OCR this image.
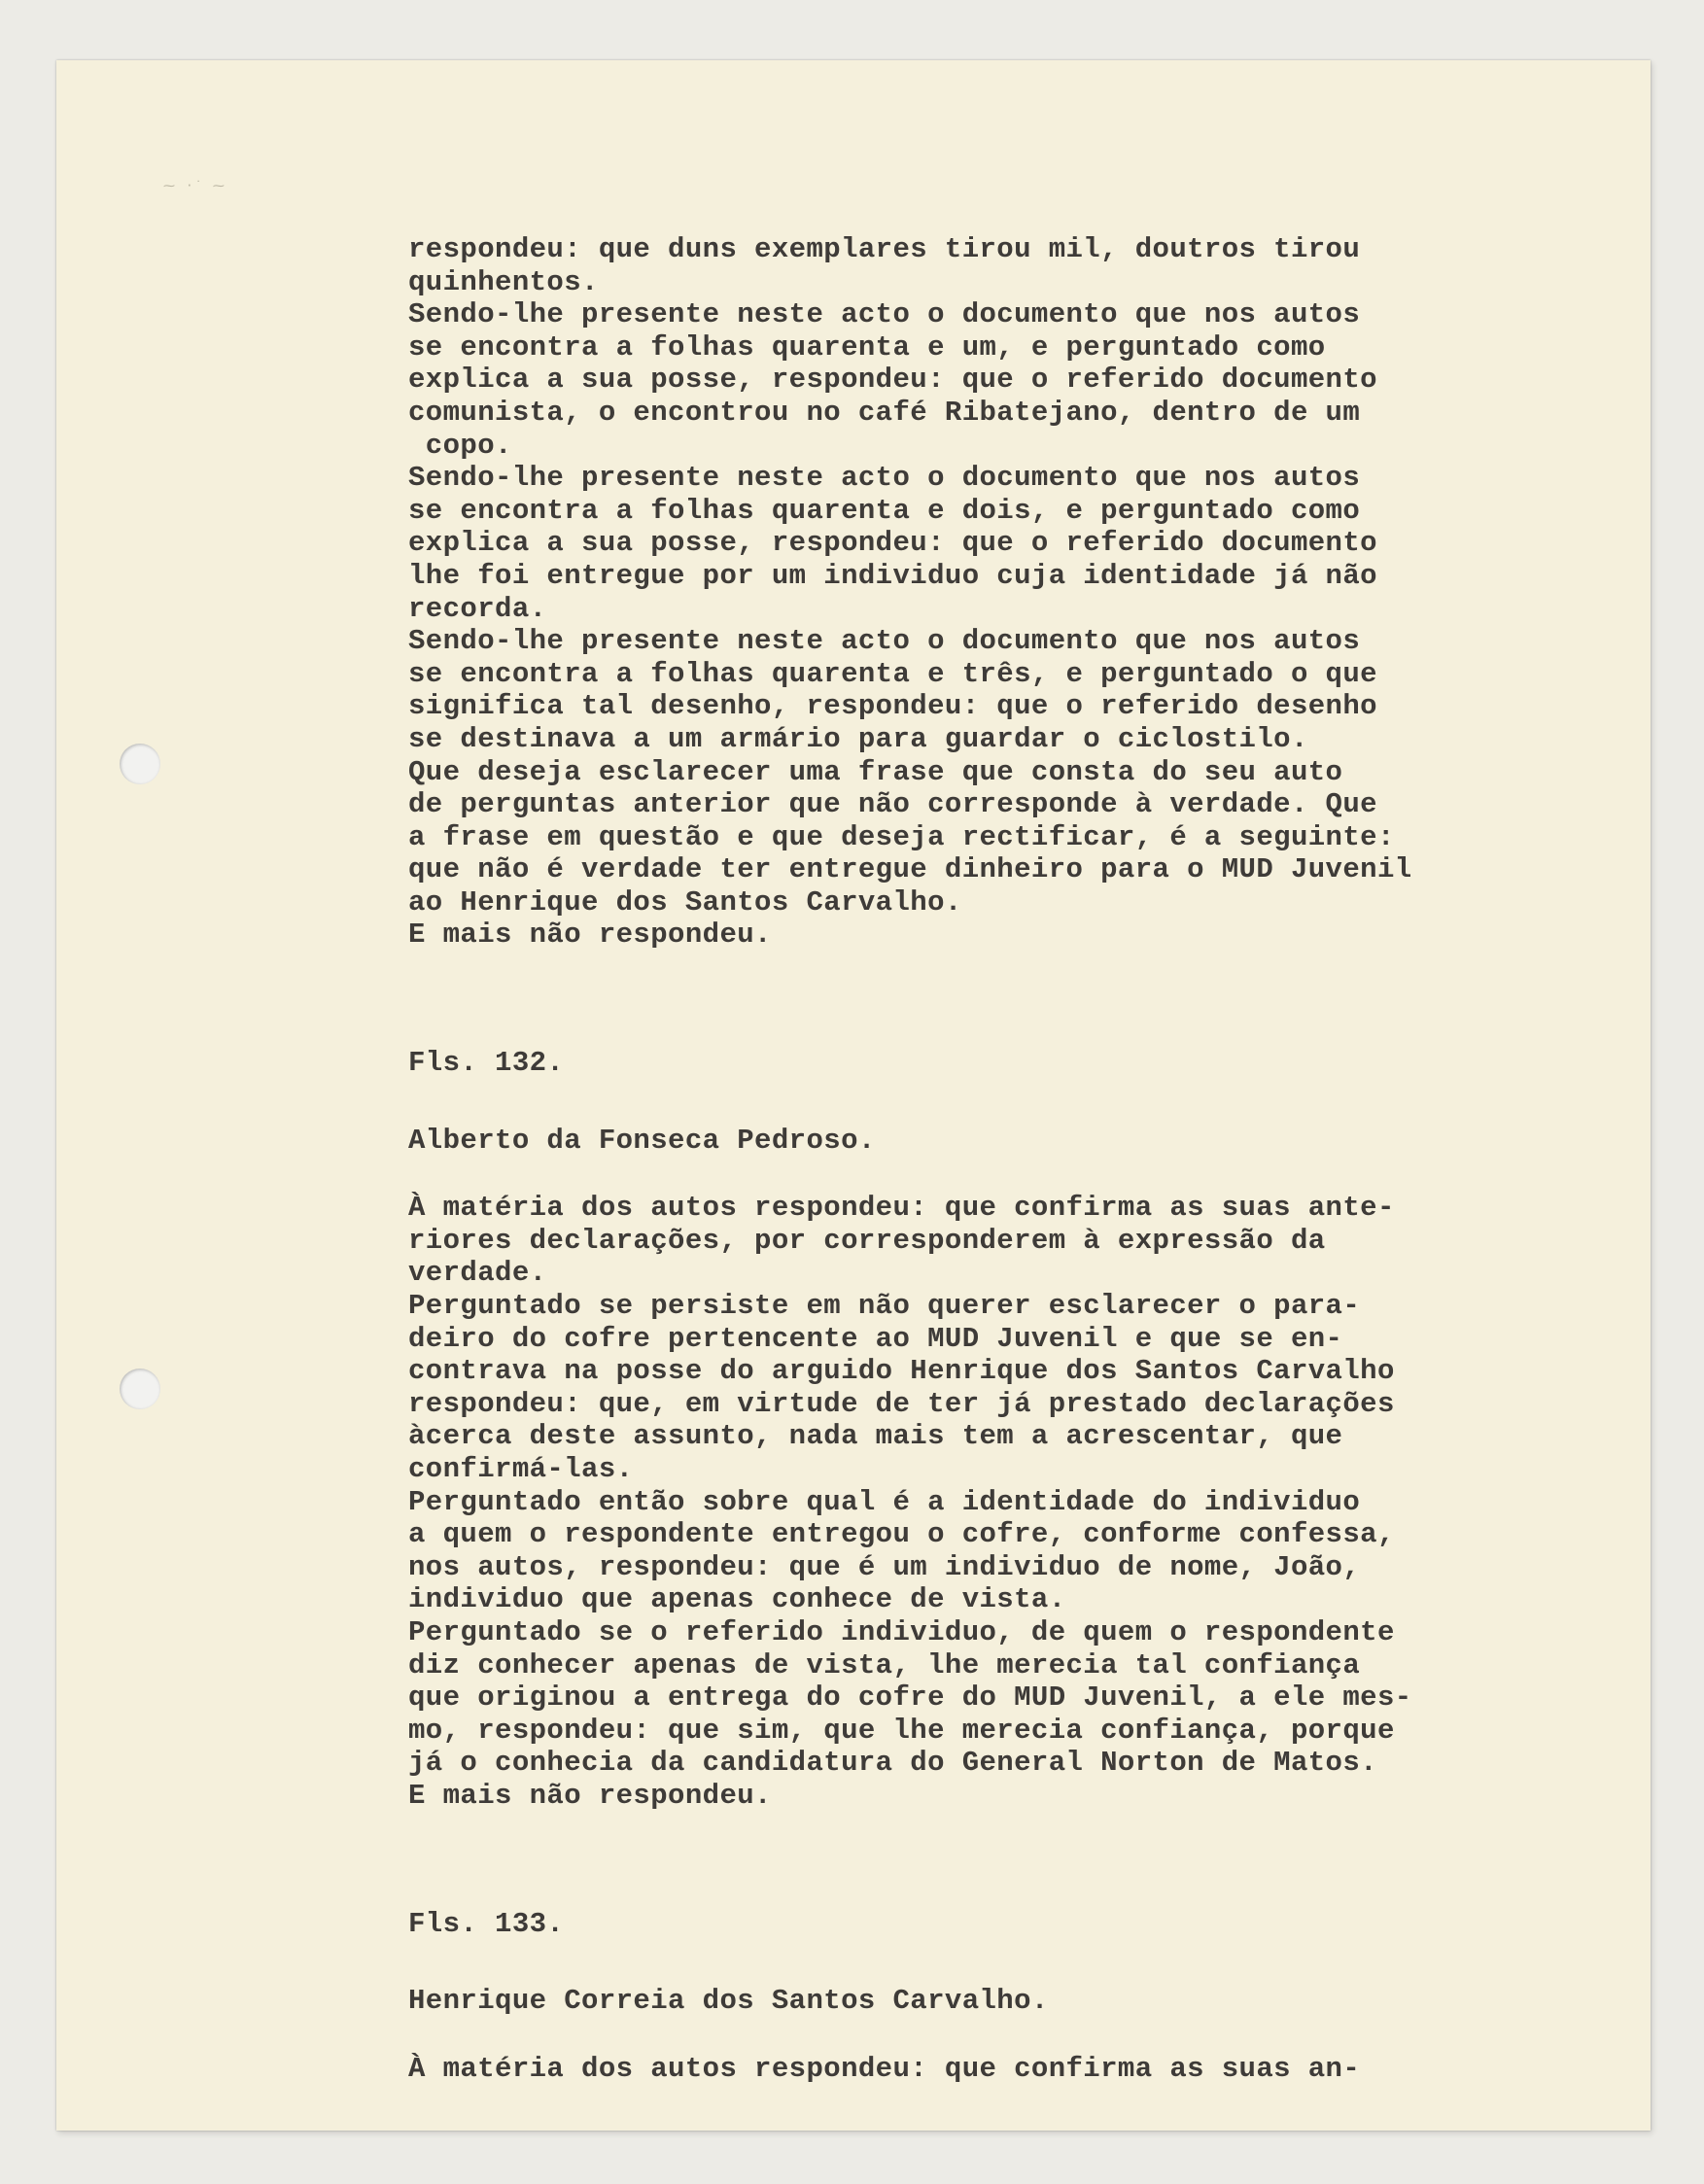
⁓ ·˙ ⁓
respondeu: que duns exemplares tirou mil, doutros tirou
quinhentos.
Sendo-lhe presente neste acto o documento que nos autos
se encontra a folhas quarenta e um, e perguntado como
explica a sua posse, respondeu: que o referido documento
comunista, o encontrou no café Ribatejano, dentro de um
copo.
Sendo-lhe presente neste acto o documento que nos autos
se encontra a folhas quarenta e dois, e perguntado como
explica a sua posse, respondeu: que o referido documento
lhe foi entregue por um individuo cuja identidade já não
recorda.
Sendo-lhe presente neste acto o documento que nos autos
se encontra a folhas quarenta e três, e perguntado o que
significa tal desenho, respondeu: que o referido desenho
se destinava a um armário para guardar o ciclostilo.
Que deseja esclarecer uma frase que consta do seu auto
de perguntas anterior que não corresponde à verdade. Que
a frase em questão e que deseja rectificar, é a seguinte:
que não é verdade ter entregue dinheiro para o MUD Juvenil
ao Henrique dos Santos Carvalho.
E mais não respondeu.
Fls. 132.
Alberto da Fonseca Pedroso.
À matéria dos autos respondeu: que confirma as suas ante-
riores declarações, por corresponderem à expressão da
verdade.
Perguntado se persiste em não querer esclarecer o para-
deiro do cofre pertencente ao MUD Juvenil e que se en-
contrava na posse do arguido Henrique dos Santos Carvalho
respondeu: que, em virtude de ter já prestado declarações
àcerca deste assunto, nada mais tem a acrescentar, que
confirmá-las.
Perguntado então sobre qual é a identidade do individuo
a quem o respondente entregou o cofre, conforme confessa,
nos autos, respondeu: que é um individuo de nome, João,
individuo que apenas conhece de vista.
Perguntado se o referido individuo, de quem o respondente
diz conhecer apenas de vista, lhe merecia tal confiança
que originou a entrega do cofre do MUD Juvenil, a ele mes-
mo, respondeu: que sim, que lhe merecia confiança, porque
já o conhecia da candidatura do General Norton de Matos.
E mais não respondeu.
Fls. 133.
Henrique Correia dos Santos Carvalho.
À matéria dos autos respondeu: que confirma as suas an-
